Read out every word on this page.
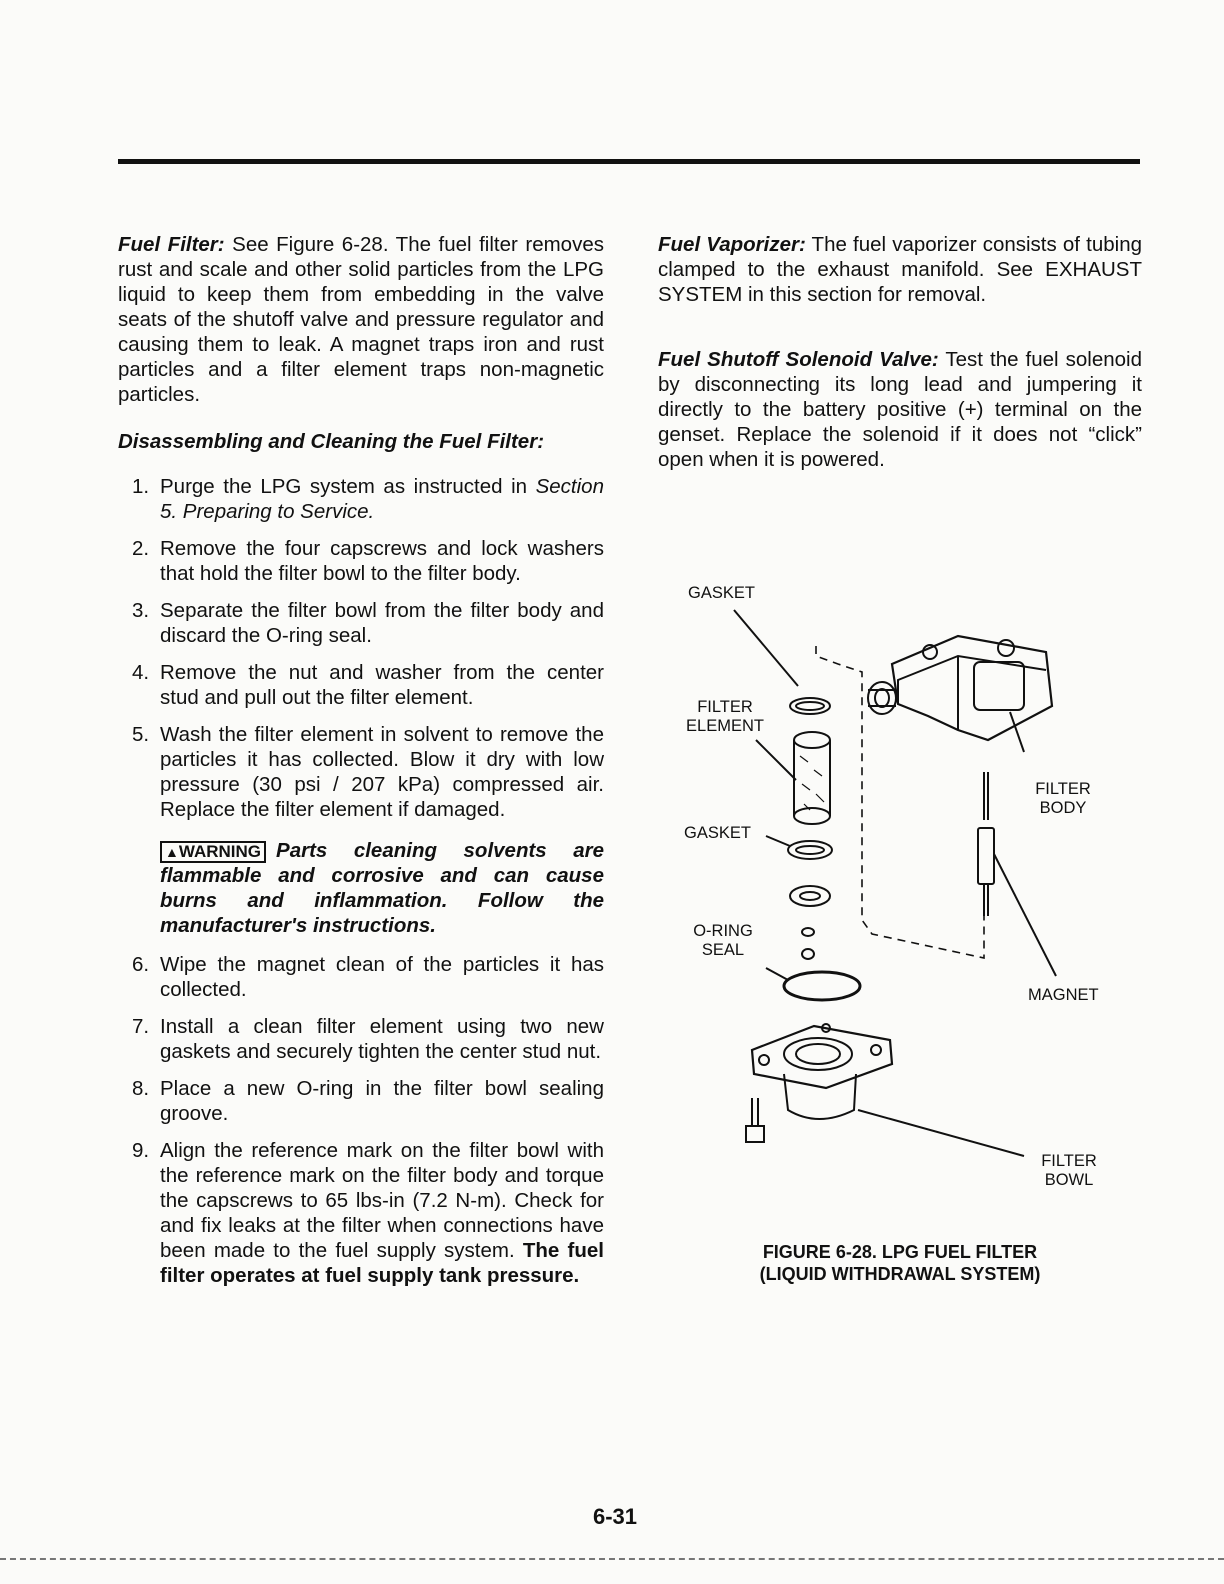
Fuel Filter: See Figure 6-28. The fuel filter removes rust and scale and other solid particles from the LPG liquid to keep them from embedding in the valve seats of the shutoff valve and pressure regulator and causing them to leak. A magnet traps iron and rust particles and a filter element traps non-magnetic particles.

Disassembling and Cleaning the Fuel Filter:
1. Purge the LPG system as instructed in Section 5. Preparing to Service.
2. Remove the four capscrews and lock washers that hold the filter bowl to the filter body.
3. Separate the filter bowl from the filter body and discard the O-ring seal.
4. Remove the nut and washer from the center stud and pull out the filter element.
5. Wash the filter element in solvent to remove the particles it has collected. Blow it dry with low pressure (30 psi / 207 kPa) compressed air. Replace the filter element if damaged.
▲WARNING Parts cleaning solvents are flammable and corrosive and can cause burns and inflammation. Follow the manufacturer's instructions.
6. Wipe the magnet clean of the particles it has collected.
7. Install a clean filter element using two new gaskets and securely tighten the center stud nut.
8. Place a new O-ring in the filter bowl sealing groove.
9. Align the reference mark on the filter bowl with the reference mark on the filter body and torque the capscrews to 65 lbs-in (7.2 N-m). Check for and fix leaks at the filter when connections have been made to the fuel supply system. The fuel filter operates at fuel supply tank pressure.

Fuel Vaporizer: The fuel vaporizer consists of tubing clamped to the exhaust manifold. See EXHAUST SYSTEM in this section for removal.

Fuel Shutoff Solenoid Valve: Test the fuel solenoid by disconnecting its long lead and jumpering it directly to the battery positive (+) terminal on the genset. Replace the solenoid if it does not “click” open when it is powered.

GASKET
FILTER
ELEMENT
GASKET
O-RING
SEAL
FILTER
BODY
MAGNET
FILTER
BOWL
FIGURE 6-28. LPG FUEL FILTER
(LIQUID WITHDRAWAL SYSTEM)
6-31
